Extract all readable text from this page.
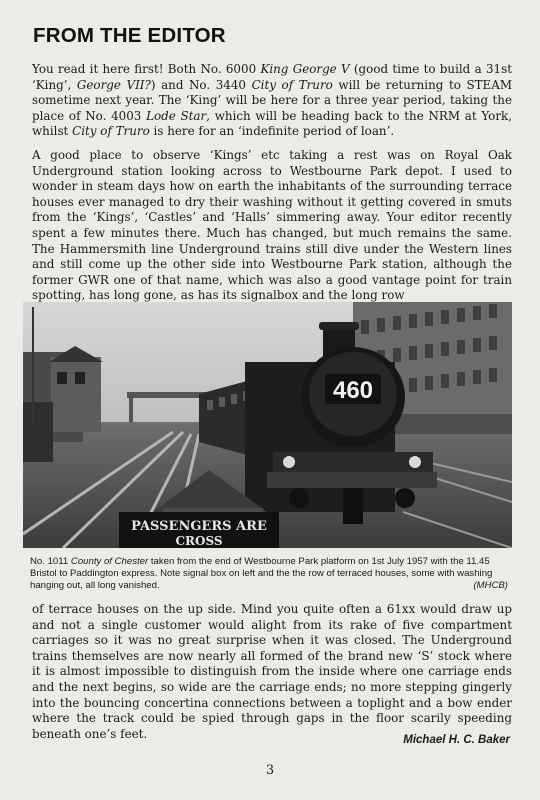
FROM THE EDITOR

You read it here first! Both No. 6000 King George V (good time to build a 31st ‘King’, George VII?) and No. 3440 City of Truro will be returning to STEAM sometime next year. The ‘King’ will be here for a three year period, taking the place of No. 4003 Lode Star, which will be heading back to the NRM at York, whilst City of Truro is here for an ‘indefinite period of loan’.

A good place to observe ‘Kings’ etc taking a rest was on Royal Oak Underground station looking across to Westbourne Park depot. I used to wonder in steam days how on earth the inhabitants of the surrounding terrace houses ever managed to dry their washing without it getting covered in smuts from the ‘Kings’, ‘Castles’ and ‘Halls’ simmering away. Your editor recently spent a few minutes there. Much has changed, but much remains the same. The Hammersmith line Underground trains still dive under the Western lines and still come up the other side into Westbourne Park station, although the former GWR one of that name, which was also a good vantage point for train spotting, has long gone, as has its signalbox and the long row

460
PASSENGERS ARE
CROSS

No. 1011 County of Chester taken from the end of Westbourne Park platform on 1st July 1957 with the 11.45 Bristol to Paddington express. Note signal box on left and the the row of terraced houses, some with washing hanging out, all long vanished.	(MHCB)

of terrace houses on the up side. Mind you quite often a 61xx would draw up and not a single customer would alight from its rake of five compartment carriages so it was no great surprise when it was closed. The Underground trains themselves are now nearly all formed of the brand new ‘S’ stock where it is almost impossible to distinguish from the inside where one carriage ends and the next begins, so wide are the carriage ends; no more stepping gingerly into the bouncing concertina connections between a toplight and a bow ender where the track could be spied through gaps in the floor scarily speeding beneath one’s feet.	Michael H. C. Baker
3
